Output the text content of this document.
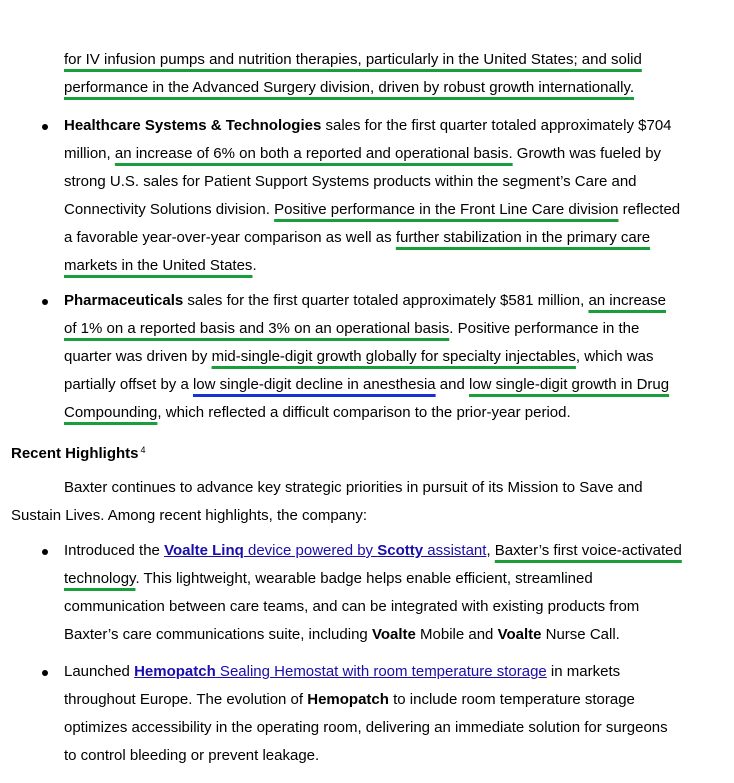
for IV infusion pumps and nutrition therapies, particularly in the United States; and solid
performance in the Advanced Surgery division, driven by robust growth internationally.
Healthcare Systems & Technologies sales for the first quarter totaled approximately $704
million, an increase of 6% on both a reported and operational basis. Growth was fueled by
strong U.S. sales for Patient Support Systems products within the segment’s Care and
Connectivity Solutions division. Positive performance in the Front Line Care division reflected
a favorable year-over-year comparison as well as further stabilization in the primary care
markets in the United States.
Pharmaceuticals sales for the first quarter totaled approximately $581 million, an increase
of 1% on a reported basis and 3% on an operational basis. Positive performance in the
quarter was driven by mid-single-digit growth globally for specialty injectables, which was
partially offset by a low single-digit decline in anesthesia and low single-digit growth in Drug
Compounding, which reflected a difficult comparison to the prior-year period.
Recent Highlights $^4$
Baxter continues to advance key strategic priorities in pursuit of its Mission to Save and
Sustain Lives. Among recent highlights, the company:
Introduced the Voalte Linq device powered by Scotty assistant, Baxter’s first voice-activated
technology. This lightweight, wearable badge helps enable efficient, streamlined
communication between care teams, and can be integrated with existing products from
Baxter’s care communications suite, including Voalte Mobile and Voalte Nurse Call.
Launched Hemopatch Sealing Hemostat with room temperature storage in markets
throughout Europe. The evolution of Hemopatch to include room temperature storage
optimizes accessibility in the operating room, delivering an immediate solution for surgeons
to control bleeding or prevent leakage.
